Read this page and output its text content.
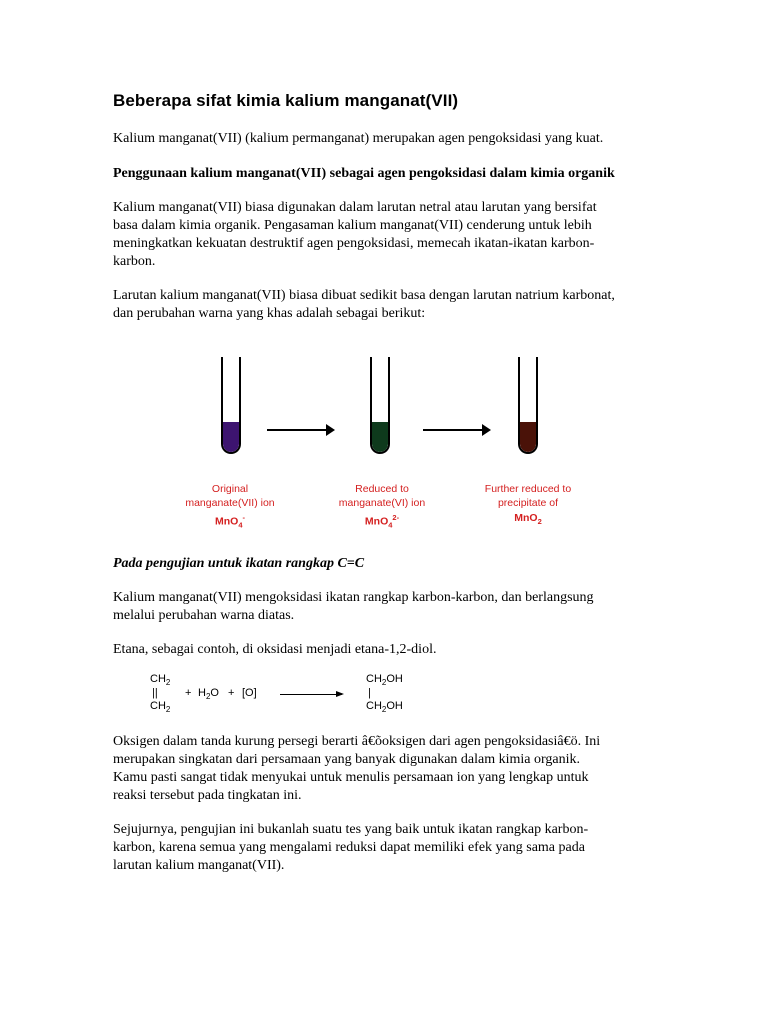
Beberapa sifat kimia kalium manganat(VII)

Kalium manganat(VII) (kalium permanganat) merupakan agen pengoksidasi yang kuat.

Penggunaan kalium manganat(VII) sebagai agen pengoksidasi dalam kimia organik

Kalium manganat(VII) biasa digunakan dalam larutan netral atau larutan yang bersifat
basa dalam kimia organik. Pengasaman kalium manganat(VII) cenderung untuk lebih
meningkatkan kekuatan destruktif agen pengoksidasi, memecah ikatan-ikatan karbon-
karbon.

Larutan kalium manganat(VII) biasa dibuat sedikit basa dengan larutan natrium karbonat,
dan perubahan warna yang khas adalah sebagai berikut:

Original
manganate(VII) ion
MnO$_4$-
Reduced to
manganate(VI) ion
MnO$_4^{2-}$
Further reduced to
precipitate of
MnO$_2$

Pada pengujian untuk ikatan rangkap C=C

Kalium manganat(VII) mengoksidasi ikatan rangkap karbon-karbon, dan berlangsung
melalui perubahan warna diatas.

Etana, sebagai contoh, di oksidasi menjadi etana-1,2-diol.

$CH_2$
||
$CH_2$
+ $H_2O + [O]$ →
$CH_2OH$
|
$CH_2OH$

Oksigen dalam tanda kurung persegi berarti â€õoksigen dari agen pengoksidasiâ€ö. Ini
merupakan singkatan dari persamaan yang banyak digunakan dalam kimia organik.
Kamu pasti sangat tidak menyukai untuk menulis persamaan ion yang lengkap untuk
reaksi tersebut pada tingkatan ini.

Sejujurnya, pengujian ini bukanlah suatu tes yang baik untuk ikatan rangkap karbon-
karbon, karena semua yang mengalami reduksi dapat memiliki efek yang sama pada
larutan kalium manganat(VII).
